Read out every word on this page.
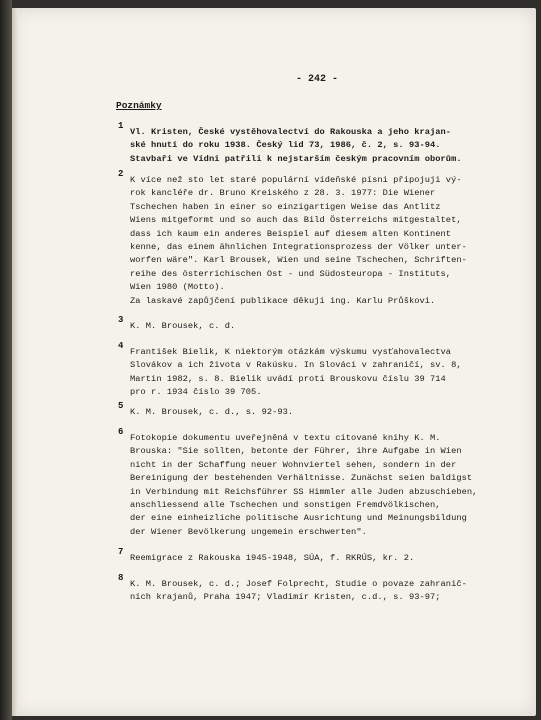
- 242 -
Poznámky
1
Vl. Kristen, České vystěhovalectví do Rakouska a jeho krajan-
ské hnutí do roku 1938. Český lid 73, 1986, č. 2, s. 93-94.
Stavbaři ve Vídni patřili k nejstarším českým pracovním oborům.
2
K více než sto let staré populární vídeňské písni připojuji vý-
rok kancléře dr. Bruno Kreiského z 28. 3. 1977: Die Wiener
Tschechen haben in einer so einzigartigen Weise das Antlitz
Wiens mitgeformt und so auch das Bild Österreichs mitgestaltet,
dass ich kaum ein anderes Beispiel auf diesem alten Kontinent
kenne, das einem ähnlichen Integrationsprozess der Völker unter-
worfen wäre". Karl Brousek, Wien und seine Tschechen, Schriften-
reihe des österrichischen Ost - und Südosteuropa - Instituts,
Wien 1980 (Motto).
Za laskavé zapůjčení publikace děkuji ing. Karlu Průškovi.
3
K. M. Brousek, c. d.
4
František Bielik, K niektorým otázkám výskumu vysťahovalectva
Slovákov a ich života v Rakúsku. In Slováci v zahraničí, sv. 8,
Martin 1982, s. 8. Bielik uvádí proti Brouskovu číslu 39 714
pro r. 1934 číslo 39 705.
5
K. M. Brousek, c. d., s. 92-93.
6
Fotokopie dokumentu uveřejněná v textu citované knihy K. M.
Brouska: "Sie sollten, betonte der Führer, ihre Aufgabe in Wien
nicht in der Schaffung neuer Wohnviertel sehen, sondern in der
Bereinigung der bestehenden Verhältnisse. Zunächst seien baldigst
in Verbindung mit Reichsführer SS Himmler alle Juden abzuschieben,
anschliessend alle Tschechen und sonstigen Fremdvölkischen,
der eine einheizliche politische Ausrichtung und Meinungsbildung
der Wiener Bevölkerung ungemein erschwerten".
7
Reemigrace z Rakouska 1945-1948, SÚA, f. RKRÚS, kr. 2.
8
K. M. Brousek, c. d.; Josef Folprecht, Studie o povaze zahranič-
ních krajanů, Praha 1947; Vladimír Kristen, c.d., s. 93-97;
